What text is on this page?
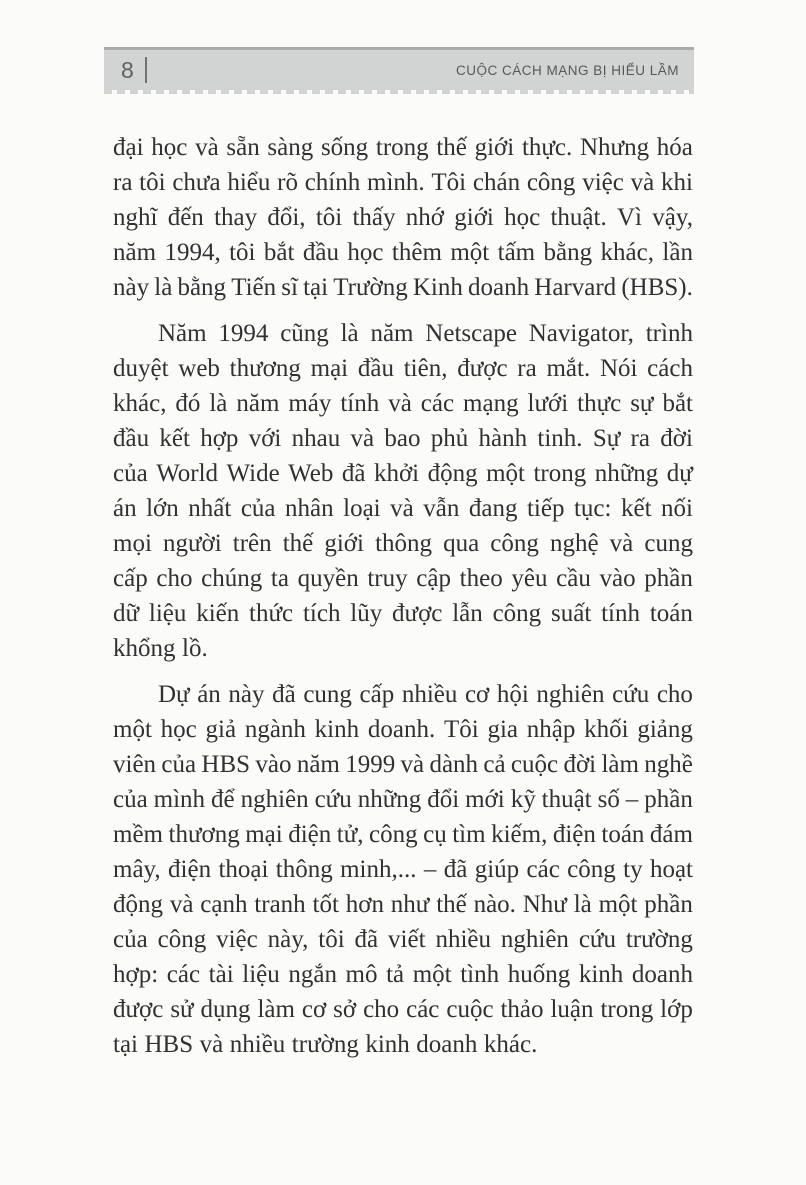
8	CUỘC CÁCH MẠNG BỊ HIỂU LẦM
đại học và sẵn sàng sống trong thế giới thực. Nhưng hóa
ra tôi chưa hiểu rõ chính mình. Tôi chán công việc và khi
nghĩ đến thay đổi, tôi thấy nhớ giới học thuật. Vì vậy,
năm 1994, tôi bắt đầu học thêm một tấm bằng khác, lần
này là bằng Tiến sĩ tại Trường Kinh doanh Harvard (HBS).
Năm 1994 cũng là năm Netscape Navigator, trình
duyệt web thương mại đầu tiên, được ra mắt. Nói cách
khác, đó là năm máy tính và các mạng lưới thực sự bắt
đầu kết hợp với nhau và bao phủ hành tinh. Sự ra đời
của World Wide Web đã khởi động một trong những dự
án lớn nhất của nhân loại và vẫn đang tiếp tục: kết nối
mọi người trên thế giới thông qua công nghệ và cung
cấp cho chúng ta quyền truy cập theo yêu cầu vào phần
dữ liệu kiến thức tích lũy được lẫn công suất tính toán
khổng lồ.
Dự án này đã cung cấp nhiều cơ hội nghiên cứu cho
một học giả ngành kinh doanh. Tôi gia nhập khối giảng
viên của HBS vào năm 1999 và dành cả cuộc đời làm nghề
của mình để nghiên cứu những đổi mới kỹ thuật số – phần
mềm thương mại điện tử, công cụ tìm kiếm, điện toán đám
mây, điện thoại thông minh,... – đã giúp các công ty hoạt
động và cạnh tranh tốt hơn như thế nào. Như là một phần
của công việc này, tôi đã viết nhiều nghiên cứu trường
hợp: các tài liệu ngắn mô tả một tình huống kinh doanh
được sử dụng làm cơ sở cho các cuộc thảo luận trong lớp
tại HBS và nhiều trường kinh doanh khác.
